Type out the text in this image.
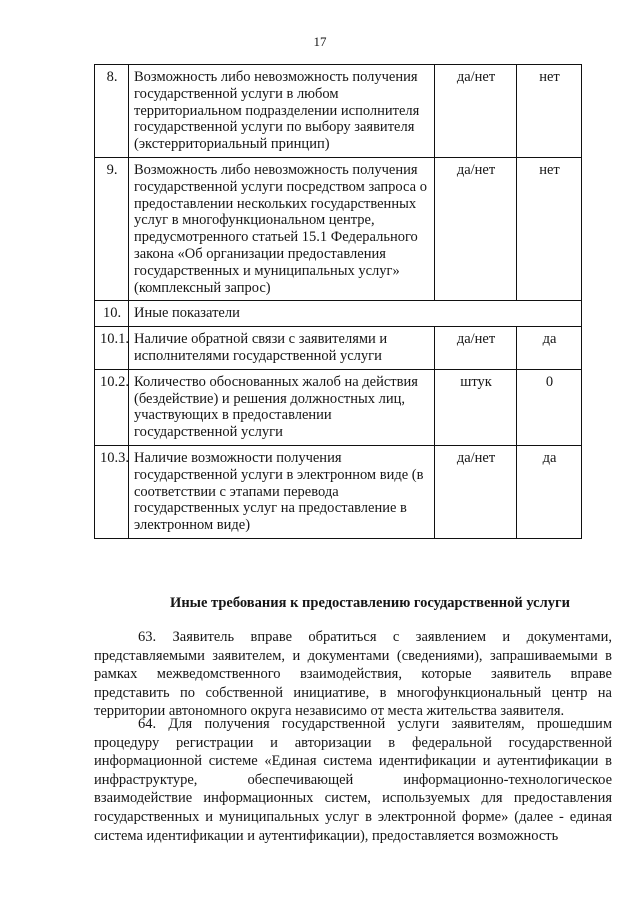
17
8.	Возможность либо невозможность получения государственной услуги в любом территориальном подразделении исполнителя государственной услуги по выбору заявителя (экстерриториальный принцип)	да/нет	нет
9.	Возможность либо невозможность получения государственной услуги посредством запроса о предоставлении нескольких государственных услуг в многофункциональном центре, предусмотренного статьей 15.1 Федерального закона «Об организации предоставления государственных и муниципальных услуг» (комплексный запрос)	да/нет	нет
10.	Иные показатели		
10.1.	Наличие обратной связи с заявителями и исполнителями государственной услуги	да/нет	да
10.2.	Количество обоснованных жалоб на действия (бездействие) и решения должностных лиц, участвующих в предоставлении государственной услуги	штук	0
10.3.	Наличие возможности получения государственной услуги в электронном виде (в соответствии с этапами перевода государственных услуг на предоставление в электронном виде)	да/нет	да
Иные требования к предоставлению государственной услуги

63. Заявитель вправе обратиться с заявлением и документами, представляемыми заявителем, и документами (сведениями), запрашиваемыми в рамках межведомственного взаимодействия, которые заявитель вправе представить по собственной инициативе, в многофункциональный центр на территории автономного округа независимо от места жительства заявителя.

64. Для получения государственной услуги заявителям, прошедшим процедуру регистрации и авторизации в федеральной государственной информационной системе «Единая система идентификации и аутентификации в инфраструктуре, обеспечивающей информационно-технологическое взаимодействие информационных систем, используемых для предоставления государственных и муниципальных услуг в электронной форме» (далее - единая система идентификации и аутентификации), предоставляется возможность
